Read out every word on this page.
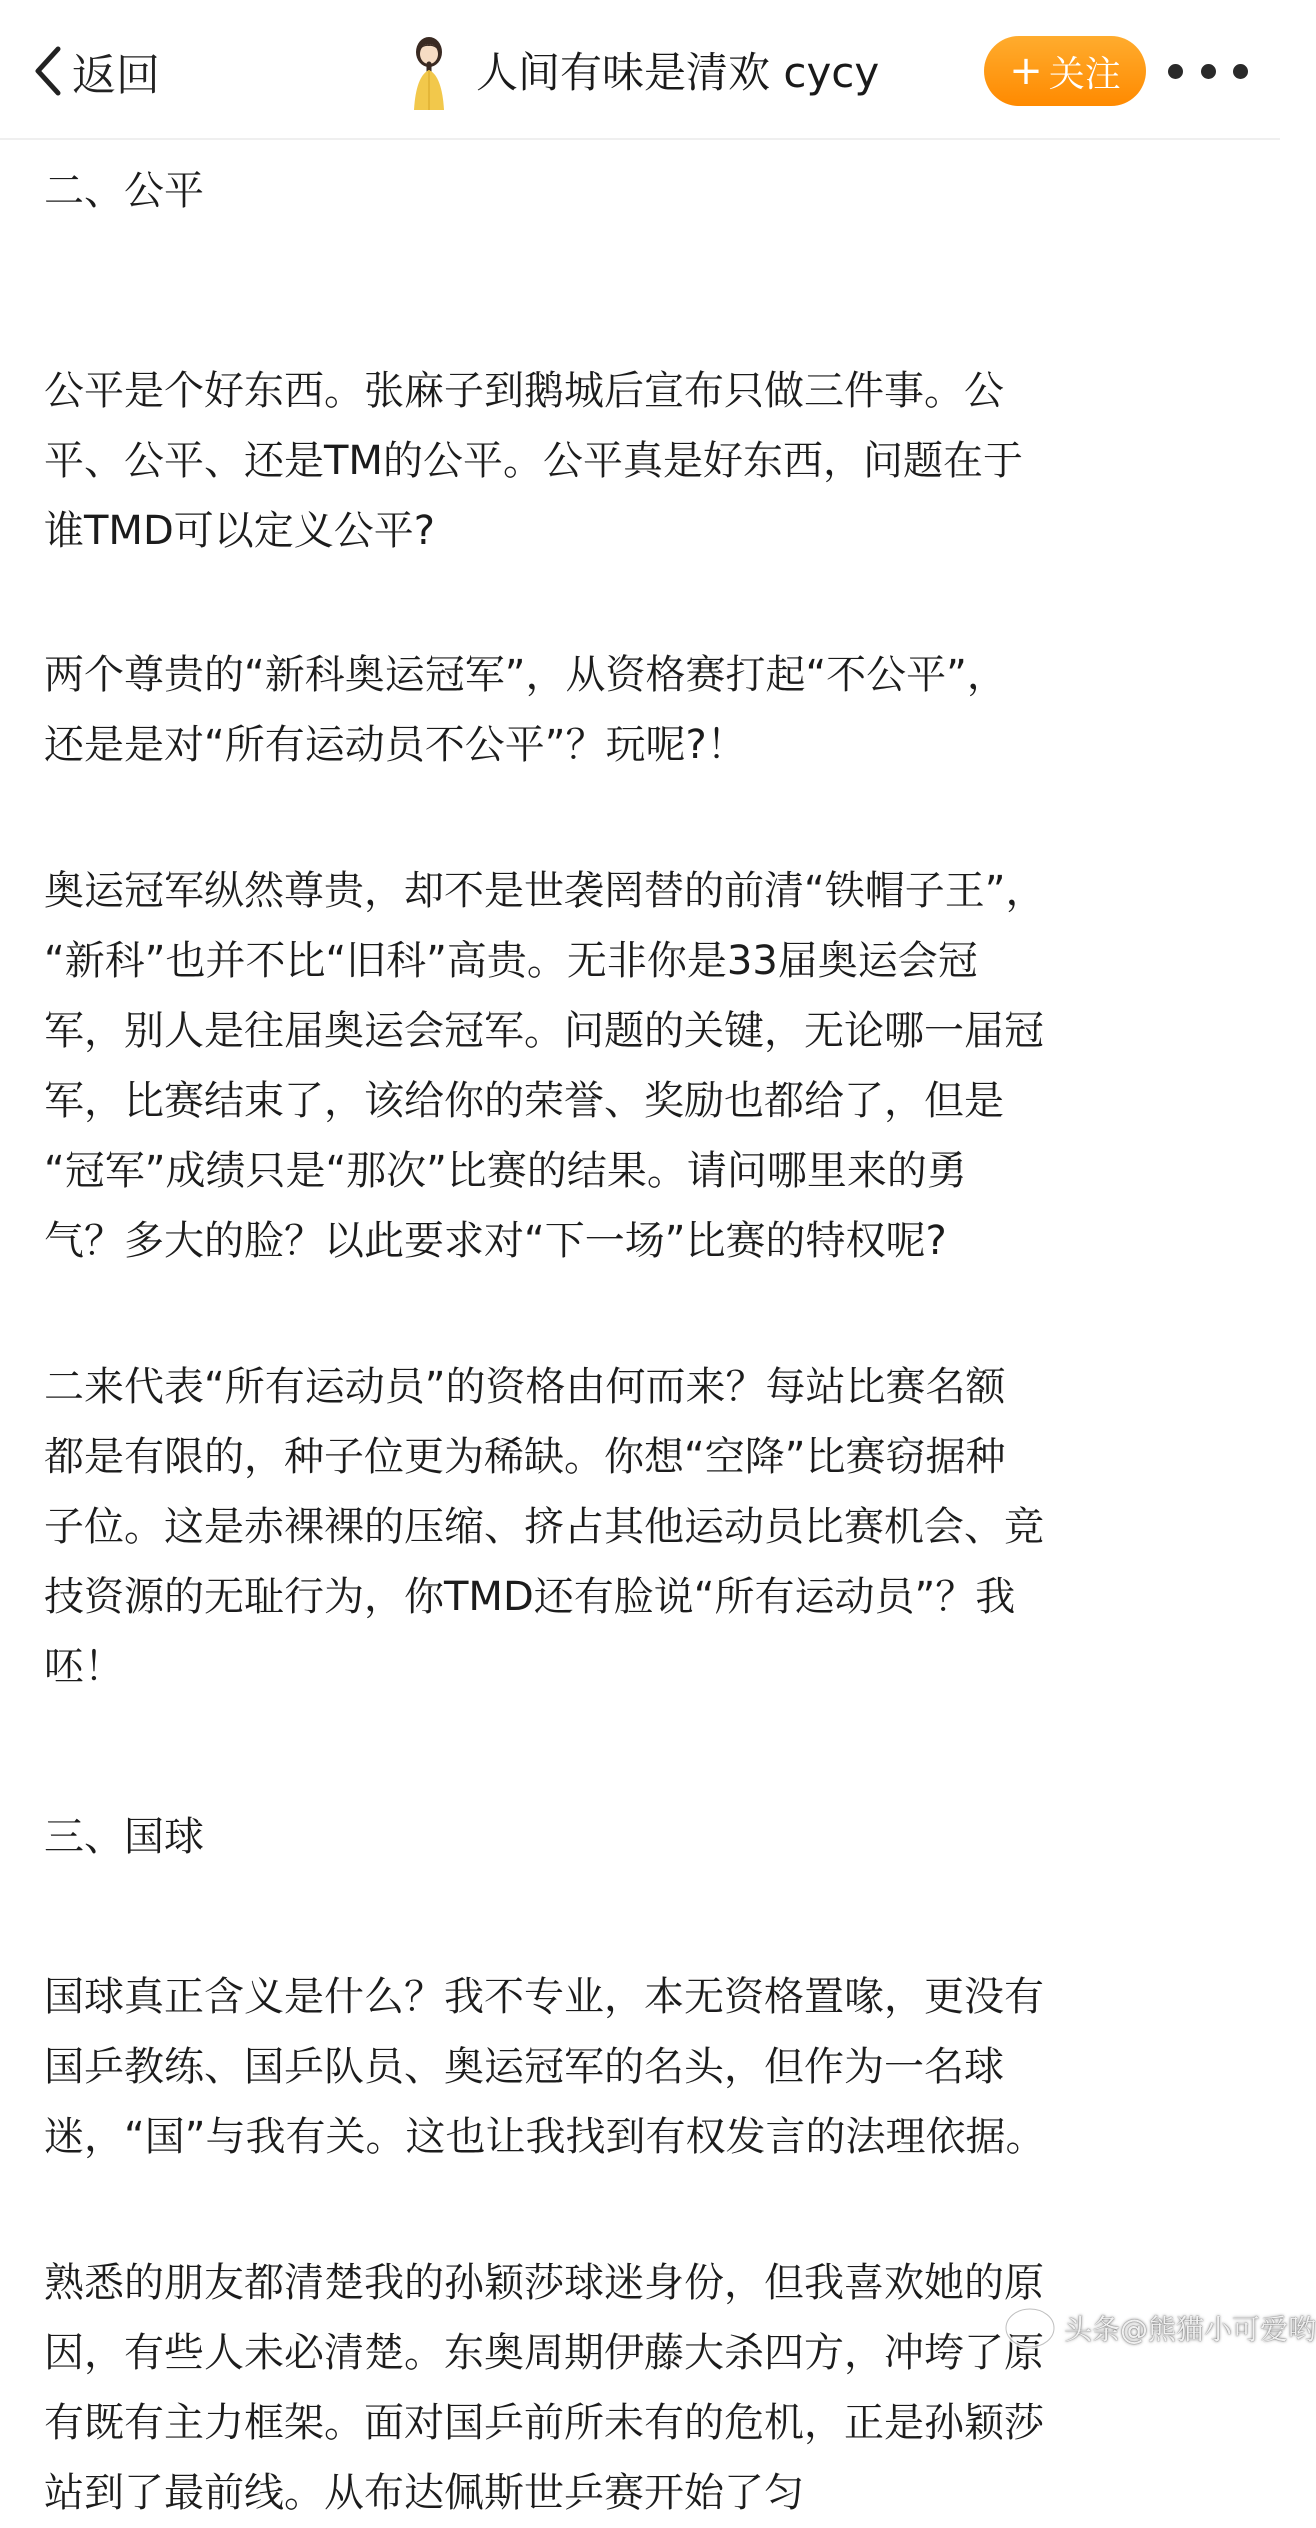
返回	人间有味是清欢 cycy	+ 关注
二、公平
公平是个好东西。张麻子到鹅城后宣布只做三件事。公
平、公平、还是TM的公平。公平真是好东西，问题在于
谁TMD可以定义公平?
两个尊贵的“新科奥运冠军”，从资格赛打起“不公平”，
还是是对“所有运动员不公平”？玩呢?！
奥运冠军纵然尊贵，却不是世袭罔替的前清“铁帽子王”，
“新科”也并不比“旧科”高贵。无非你是33届奥运会冠
军，别人是往届奥运会冠军。问题的关键，无论哪一届冠
军，比赛结束了，该给你的荣誉、奖励也都给了，但是
“冠军”成绩只是“那次”比赛的结果。请问哪里来的勇
气？多大的脸？以此要求对“下一场”比赛的特权呢?
二来代表“所有运动员”的资格由何而来？每站比赛名额
都是有限的，种子位更为稀缺。你想“空降”比赛窃据种
子位。这是赤裸裸的压缩、挤占其他运动员比赛机会、竞
技资源的无耻行为，你TMD还有脸说“所有运动员”？我
呸！
三、国球
国球真正含义是什么？我不专业，本无资格置喙，更没有
国乒教练、国乒队员、奥运冠军的名头，但作为一名球
迷，“国”与我有关。这也让我找到有权发言的法理依据。
熟悉的朋友都清楚我的孙颖莎球迷身份，但我喜欢她的原
因，有些人未必清楚。东奥周期伊藤大杀四方，冲垮了原
有既有主力框架。面对国乒前所未有的危机，正是孙颖莎
站到了最前线。从布达佩斯世乒赛开始了匀
头条@熊猫小可爱哟
